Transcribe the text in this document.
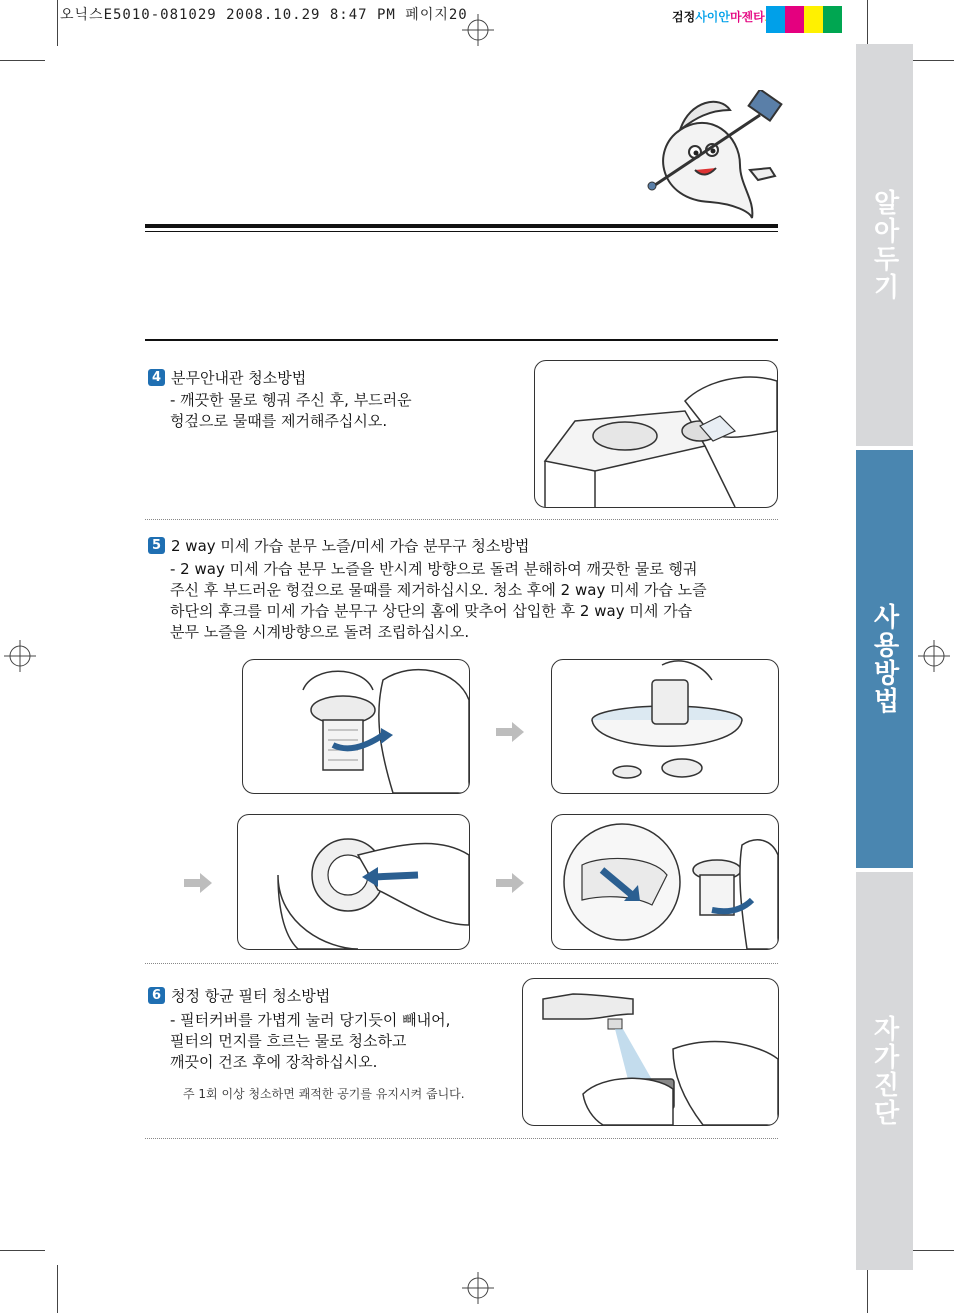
오닉스E5010-081029 2008.10.29 8:47 PM 페이지20	검정사이안마젠타
알아두기
사용방법
자가진단
4 분무안내관 청소방법
- 깨끗한 물로 헹궈 주신 후, 부드러운
헝겊으로 물때를 제거해주십시오.
5 2 way 미세 가습 분무 노즐/미세 가습 분무구 청소방법
- 2 way 미세 가습 분무 노즐을 반시계 방향으로 돌려 분해하여 깨끗한 물로 헹궈
주신 후 부드러운 헝겊으로 물때를 제거하십시오. 청소 후에 2 way 미세 가습 노즐
하단의 후크를 미세 가습 분무구 상단의 홈에 맞추어 삽입한 후 2 way 미세 가습
분무 노즐을 시계방향으로 돌려 조립하십시오.
6 청정 항균 필터 청소방법
- 필터커버를 가볍게 눌러 당기듯이 빼내어,
필터의 먼지를 흐르는 물로 청소하고
깨끗이 건조 후에 장착하십시오.
주 1회 이상 청소하면 쾌적한 공기를 유지시켜 줍니다.
